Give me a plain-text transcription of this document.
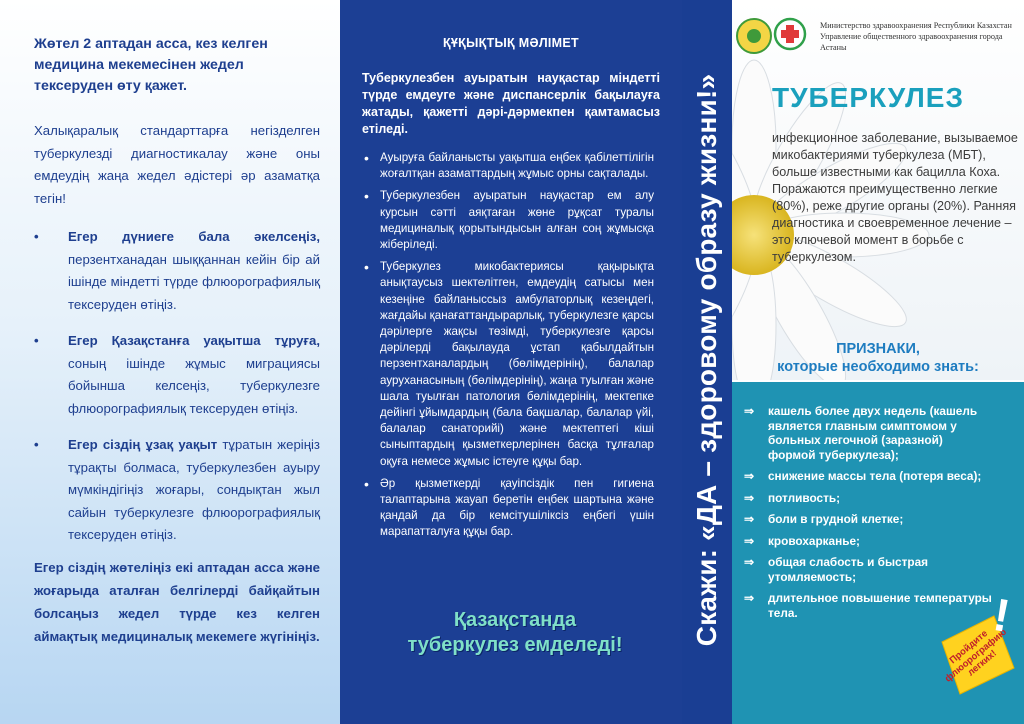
Жөтел 2 аптадан асса, кез келген медицина мекемесінен жедел тексеруден өту қажет.
Халықаралық стандарттарға негізделген туберкулезді диагностикалау және оны емдеудің жаңа жедел әдістері әр азаматқа тегін!
• Егер дүниеге бала әкелсеңіз, перзентханадан шыққаннан кейін бір ай ішінде міндетті түрде флюорографиялық тексеруден өтіңіз.
• Егер Қазақстанға уақытша тұруға, соның ішінде жұмыс миграциясы бойынша келсеңіз, туберкулезге флюорографиялық тексеруден өтіңіз.
• Егер сіздің ұзақ уақыт тұратын жеріңіз тұрақты болмаса, туберкулезбен ауыру мүмкіндігіңіз жоғары, сондықтан жыл сайын туберкулезге флюорографиялық тексеруден өтіңіз.
Егер сіздің жөтеліңіз екі аптадан асса және жоғарыда аталған белгілерді байқайтын болсаңыз жедел түрде кез келген аймақтық медициналық мекемеге жүгініңіз.
ҚҰҚЫҚТЫҚ МӘЛІМЕТ
Туберкулезбен ауыратын науқастар міндетті түрде емдеуге және диспансерлік бақылауға жатады, қажетті дәрі-дәрмекпен қамтамасыз етіледі.
• Ауыруға байланысты уақытша еңбек қабілеттілігін жоғалтқан азаматтардың жұмыс орны сақталады.
• Туберкулезбен ауыратын науқастар ем алу курсын сәтті аяқтаған жөне рұқсат туралы медициналық қорытындысын алған соң жұмысқа жіберіледі.
• Туберкулез микобактериясы қақырықта анықтаусыз шектелітген, емдеудің сатысы мен кезеңіне байланыссыз амбулаторлық кезеңдегі, жағдайы қанағаттандырарлық, туберкулезге қарсы дәрілерге жақсы төзімді, туберкулезге қарсы дәрілерді бақылауда ұстап қабылдайтын перзентханалардың (бөлімдерінің), балалар ауруханасының (бөлімдерінің), жаңа туылған және шала туылған патология бөлімдерінің, мектепке дейінгі ұйымдардың (бала бақшалар, балалар үйі, балалар санаторийі) және мектептегі кіші сыныптардың қызметкерлерінен басқа тұлғалар оқуға немесе жұмыс істеуге құқы бар.
• Әр қызметкерді қауіпсіздік пен гигиена талаптарына жауап беретін еңбек шартына және қандай да бір кемсітушіліксіз еңбегі үшін марапатталуға құқы бар.
Қазақстанда туберкулез емделеді! Скажи: «ДА – здоровому образу жизни!»
Министерство здравоохранения Республики Казахстан
Управление общественного здравоохранения города Астаны
ТУБЕРКУЛЕЗ
инфекционное заболевание, вызываемое микобактериями туберкулеза (МБТ), больше известными как бацилла Коха. Поражаются преимущественно легкие (80%), реже другие органы (20%). Ранняя диагностика и своевременное лечение – это ключевой момент в борьбе с туберкулезом.
ПРИЗНАКИ,
которые необходимо знать:
⇒ кашель более двух недель (кашель является главным симптомом у больных легочной (заразной) формой туберкулеза);
⇒ снижение массы тела (потеря веса);
⇒ потливость;
⇒ боли в грудной клетке;
⇒ кровохарканье;
⇒ общая слабость и быстрая утомляемость;
⇒ длительное повышение температуры тела.
Пройдите флюорографию легких!
!
